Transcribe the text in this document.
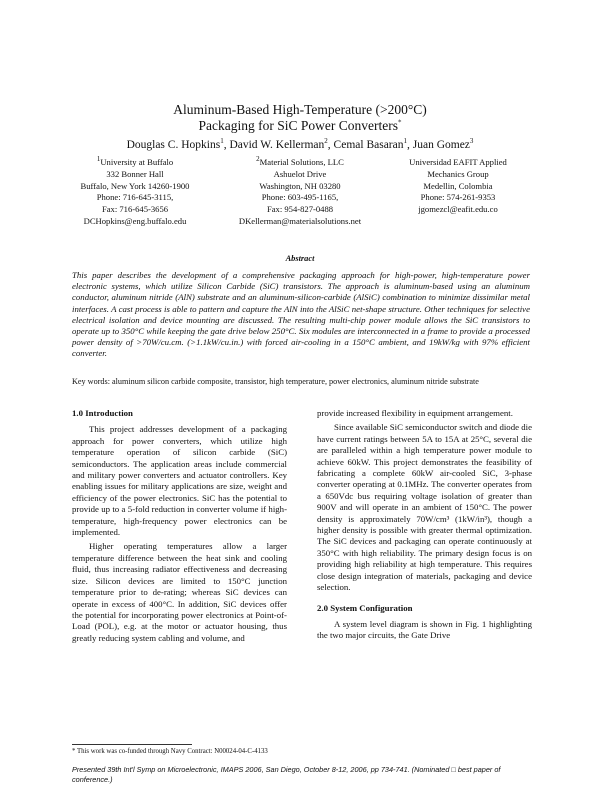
Aluminum-Based High-Temperature (>200°C)
Packaging for SiC Power Converters*
Douglas C. Hopkins$^1$, David W. Kellerman$^2$, Cemal Basaran$^1$, Juan Gomez$^3$
$^1$University at Buffalo
332 Bonner Hall
Buffalo, New York 14260-1900
Phone: 716-645-3115,
Fax: 716-645-3656
DCHopkins@eng.buffalo.edu
$^2$Material Solutions, LLC
Ashuelot Drive
Washington, NH 03280
Phone: 603-495-1165,
Fax: 954-827-0488
DKellerman@materialsolutions.net
Universidad EAFIT Applied
Mechanics Group
Medellin, Colombia
Phone: 574-261-9353
jgomezcl@eafit.edu.co
Abstract
This paper describes the development of a comprehensive packaging approach for high-power, high-temperature power electronic systems, which utilize Silicon Carbide (SiC) transistors. The approach is aluminum-based using an aluminum conductor, aluminum nitride (AlN) substrate and an aluminum-silicon-carbide (AlSiC) combination to minimize dissimilar metal interfaces. A cast process is able to pattern and capture the AlN into the AlSiC net-shape structure. Other techniques for selective electrical isolation and device mounting are discussed. The resulting multi-chip power module allows the SiC transistors to operate up to 350°C while keeping the gate drive below 250°C. Six modules are interconnected in a frame to provide a processed power density of >70W/cu.cm. (>1.1kW/cu.in.) with forced air-cooling in a 150°C ambient, and 19kW/kg with 97% efficient converter.
Key words: aluminum silicon carbide composite, transistor, high temperature, power electronics, aluminum nitride substrate
1.0 Introduction

This project addresses development of a packaging approach for power converters, which utilize high temperature operation of silicon carbide (SiC) semiconductors. The application areas include commercial and military power converters and actuator controllers. Key enabling issues for military applications are size, weight and efficiency of the power electronics. SiC has the potential to provide up to a 5-fold reduction in converter volume if high-temperature, high-frequency power electronics can be implemented.

Higher operating temperatures allow a larger temperature difference between the heat sink and cooling fluid, thus increasing radiator effectiveness and decreasing size. Silicon devices are limited to 150°C junction temperature prior to de-rating; whereas SiC devices can operate in excess of 400°C. In addition, SiC devices offer the potential for incorporating power electronics at Point-of-Load (POL), e.g. at the motor or actuator housing, thus greatly reducing system cabling and volume, and

provide increased flexibility in equipment arrangement.

Since available SiC semiconductor switch and diode die have current ratings between 5A to 15A at 25°C, several die are paralleled within a high temperature power module to achieve 60kW. This project demonstrates the feasibility of fabricating a complete 60kW air-cooled SiC, 3-phase converter operating at 0.1MHz. The converter operates from a 650Vdc bus requiring voltage isolation of greater than 900V and will operate in an ambient of 150°C. The power density is approximately 70W/cm³ (1kW/in³), though a higher density is possible with greater thermal optimization. The SiC devices and packaging can operate continuously at 350°C with high reliability. The primary design focus is on providing high reliability at high temperature. This requires close design integration of materials, packaging and device selection.

2.0 System Configuration

A system level diagram is shown in Fig. 1 highlighting the two major circuits, the Gate Drive

* This work was co-funded through Navy Contract: N00024-04-C-4133
Presented 39th Int'l Symp on Microelectronic, IMAPS 2006, San Diego, October 8-12, 2006, pp 734-741. (Nominated □ best paper of conference.)
